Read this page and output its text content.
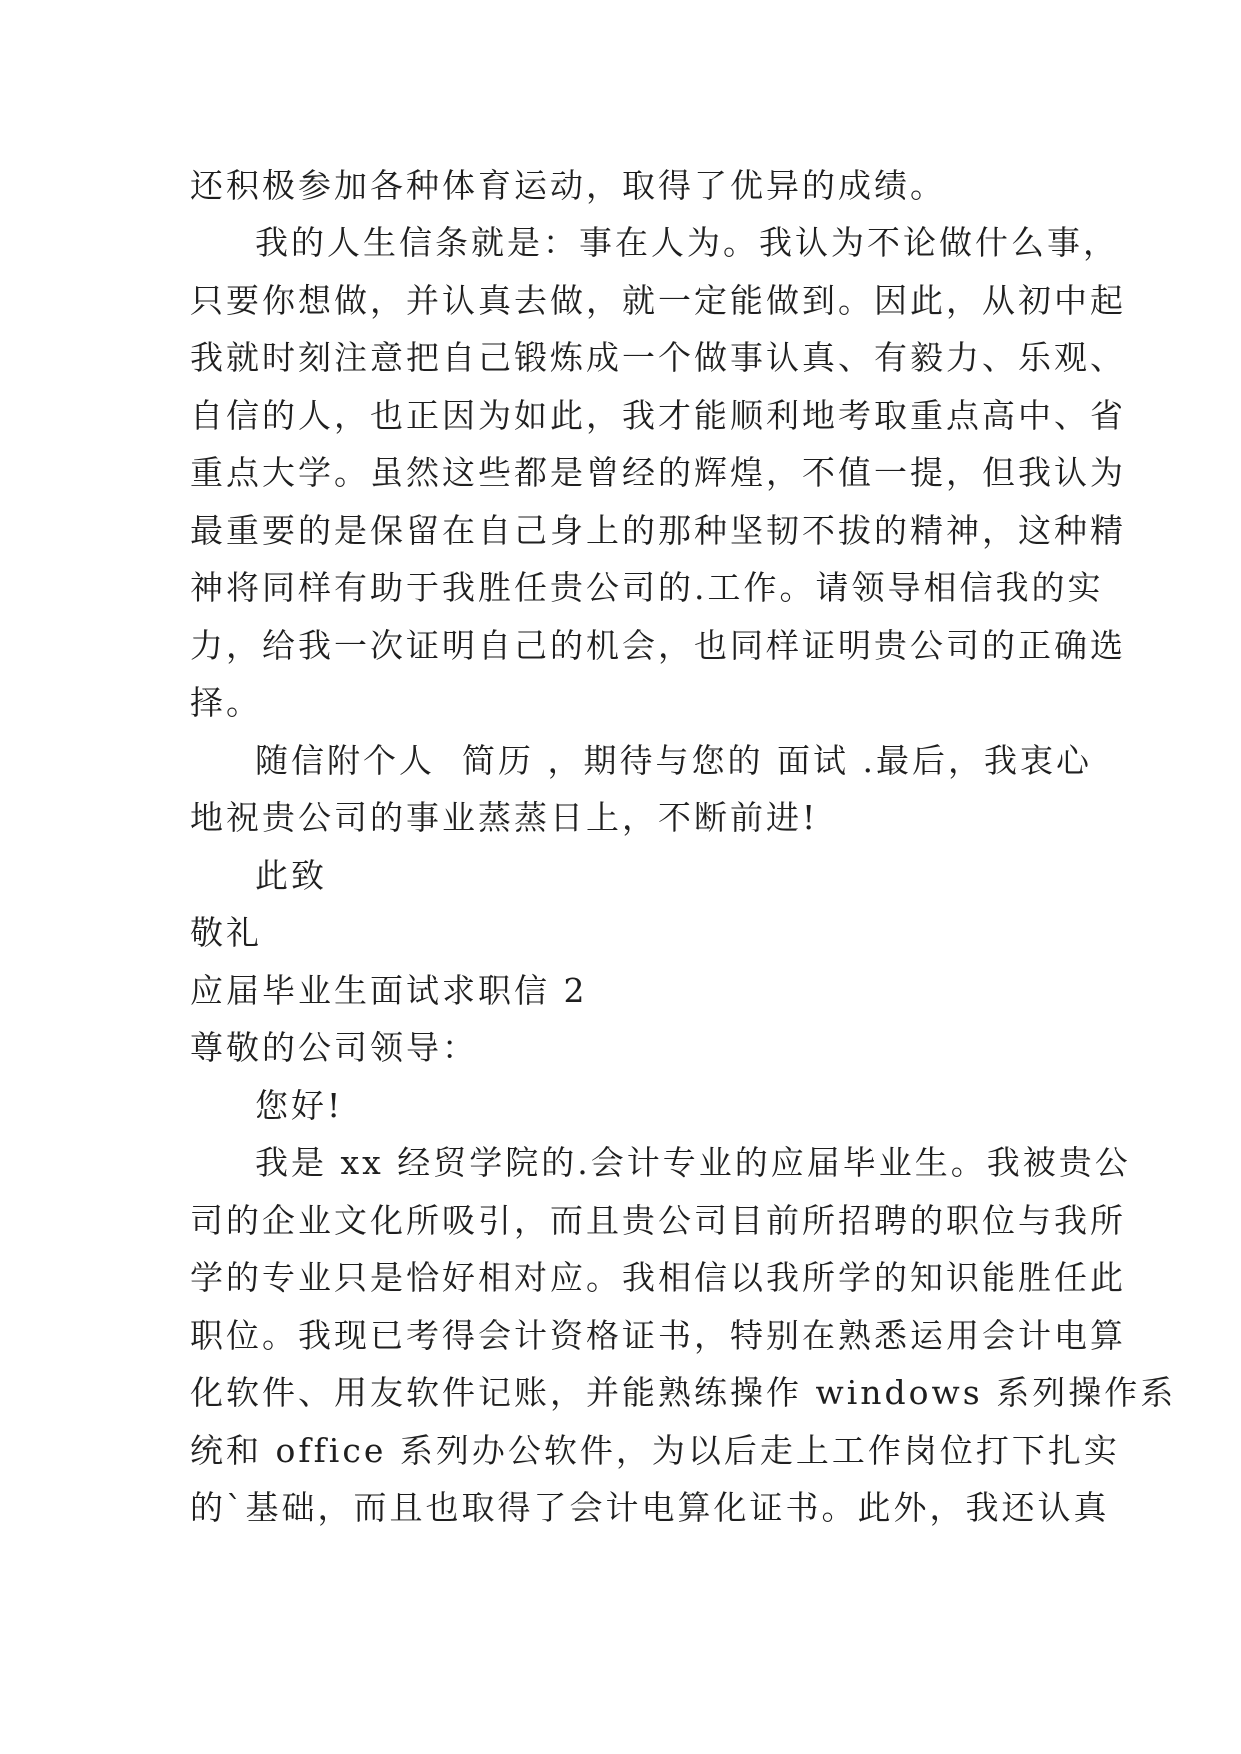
还积极参加各种体育运动，取得了优异的成绩。
我的人生信条就是：事在人为。我认为不论做什么事，
只要你想做，并认真去做，就一定能做到。因此，从初中起
我就时刻注意把自己锻炼成一个做事认真、有毅力、乐观、
自信的人，也正因为如此，我才能顺利地考取重点高中、省
重点大学。虽然这些都是曾经的辉煌，不值一提，但我认为
最重要的是保留在自己身上的那种坚韧不拔的精神，这种精
神将同样有助于我胜任贵公司的.工作。请领导相信我的实
力，给我一次证明自己的机会，也同样证明贵公司的正确选
择。
随信附个人  简历 ，期待与您的 面试 .最后，我衷心
地祝贵公司的事业蒸蒸日上，不断前进!
此致
敬礼
应届毕业生面试求职信 2
尊敬的公司领导：
您好!
我是 xx 经贸学院的.会计专业的应届毕业生。我被贵公
司的企业文化所吸引，而且贵公司目前所招聘的职位与我所
学的专业只是恰好相对应。我相信以我所学的知识能胜任此
职位。我现已考得会计资格证书，特别在熟悉运用会计电算
化软件、用友软件记账，并能熟练操作 windows 系列操作系
统和 office 系列办公软件，为以后走上工作岗位打下扎实
的`基础，而且也取得了会计电算化证书。此外，我还认真
